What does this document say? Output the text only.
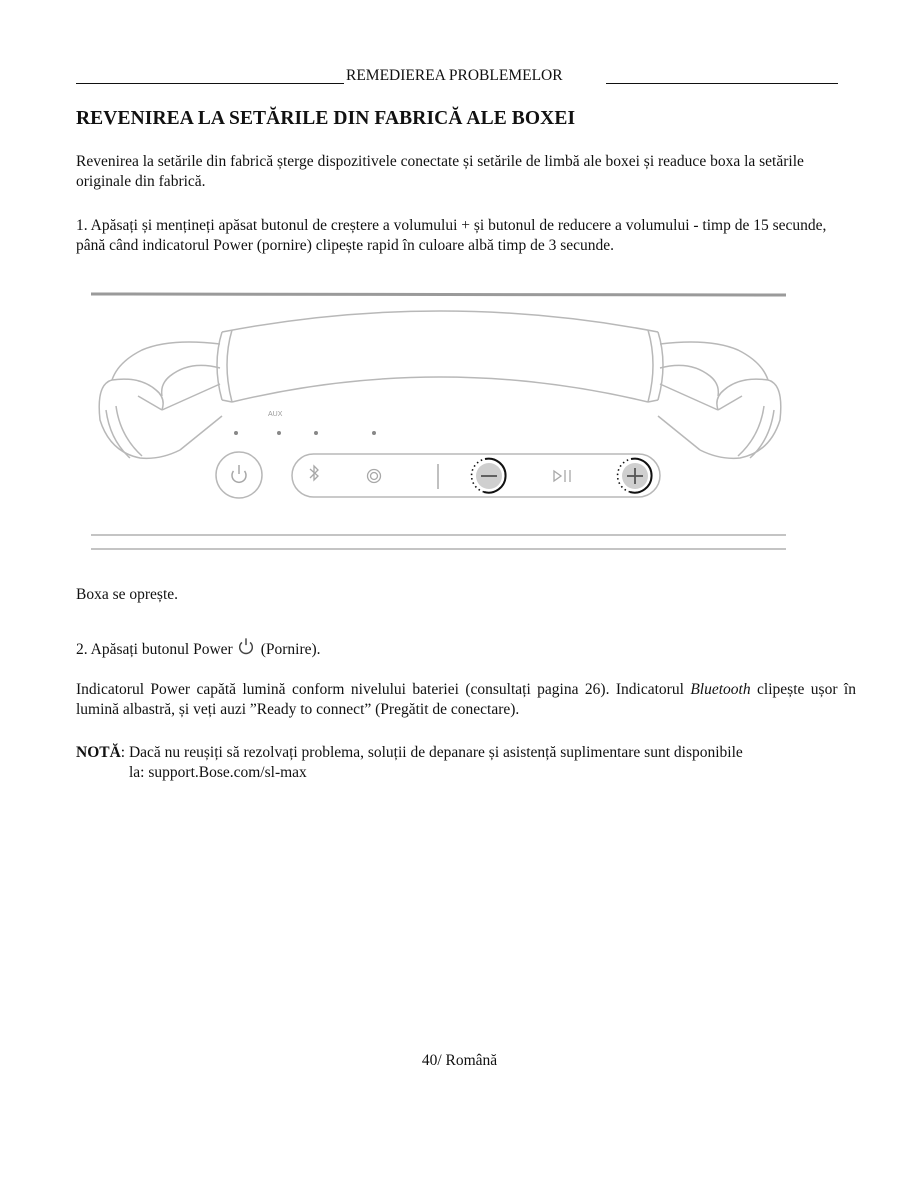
REMEDIEREA PROBLEMELOR
REVENIREA LA SETĂRILE DIN FABRICĂ ALE BOXEI

Revenirea la setările din fabrică șterge dispozitivele conectate și setările de limbă ale boxei și readuce boxa la setările originale din fabrică.

1. Apăsați și mențineți apăsat butonul de creștere a volumului + și butonul de reducere a volumului - timp de 15 secunde, până când indicatorul Power (pornire) clipește rapid în culoare albă timp de 3 secunde.

AUX

Boxa se oprește.

2. Apăsați butonul Power (Pornire).

Indicatorul Power capătă lumină conform nivelului bateriei (consultați pagina 26). Indicatorul Bluetooth clipește ușor în lumină albastră, și veți auzi ”Ready to connect” (Pregătit de conectare).

NOTĂ: Dacă nu reușiți să rezolvați problema, soluții de depanare și asistență suplimentare sunt disponibile
la: support.Bose.com/sl-max

40/ Română
